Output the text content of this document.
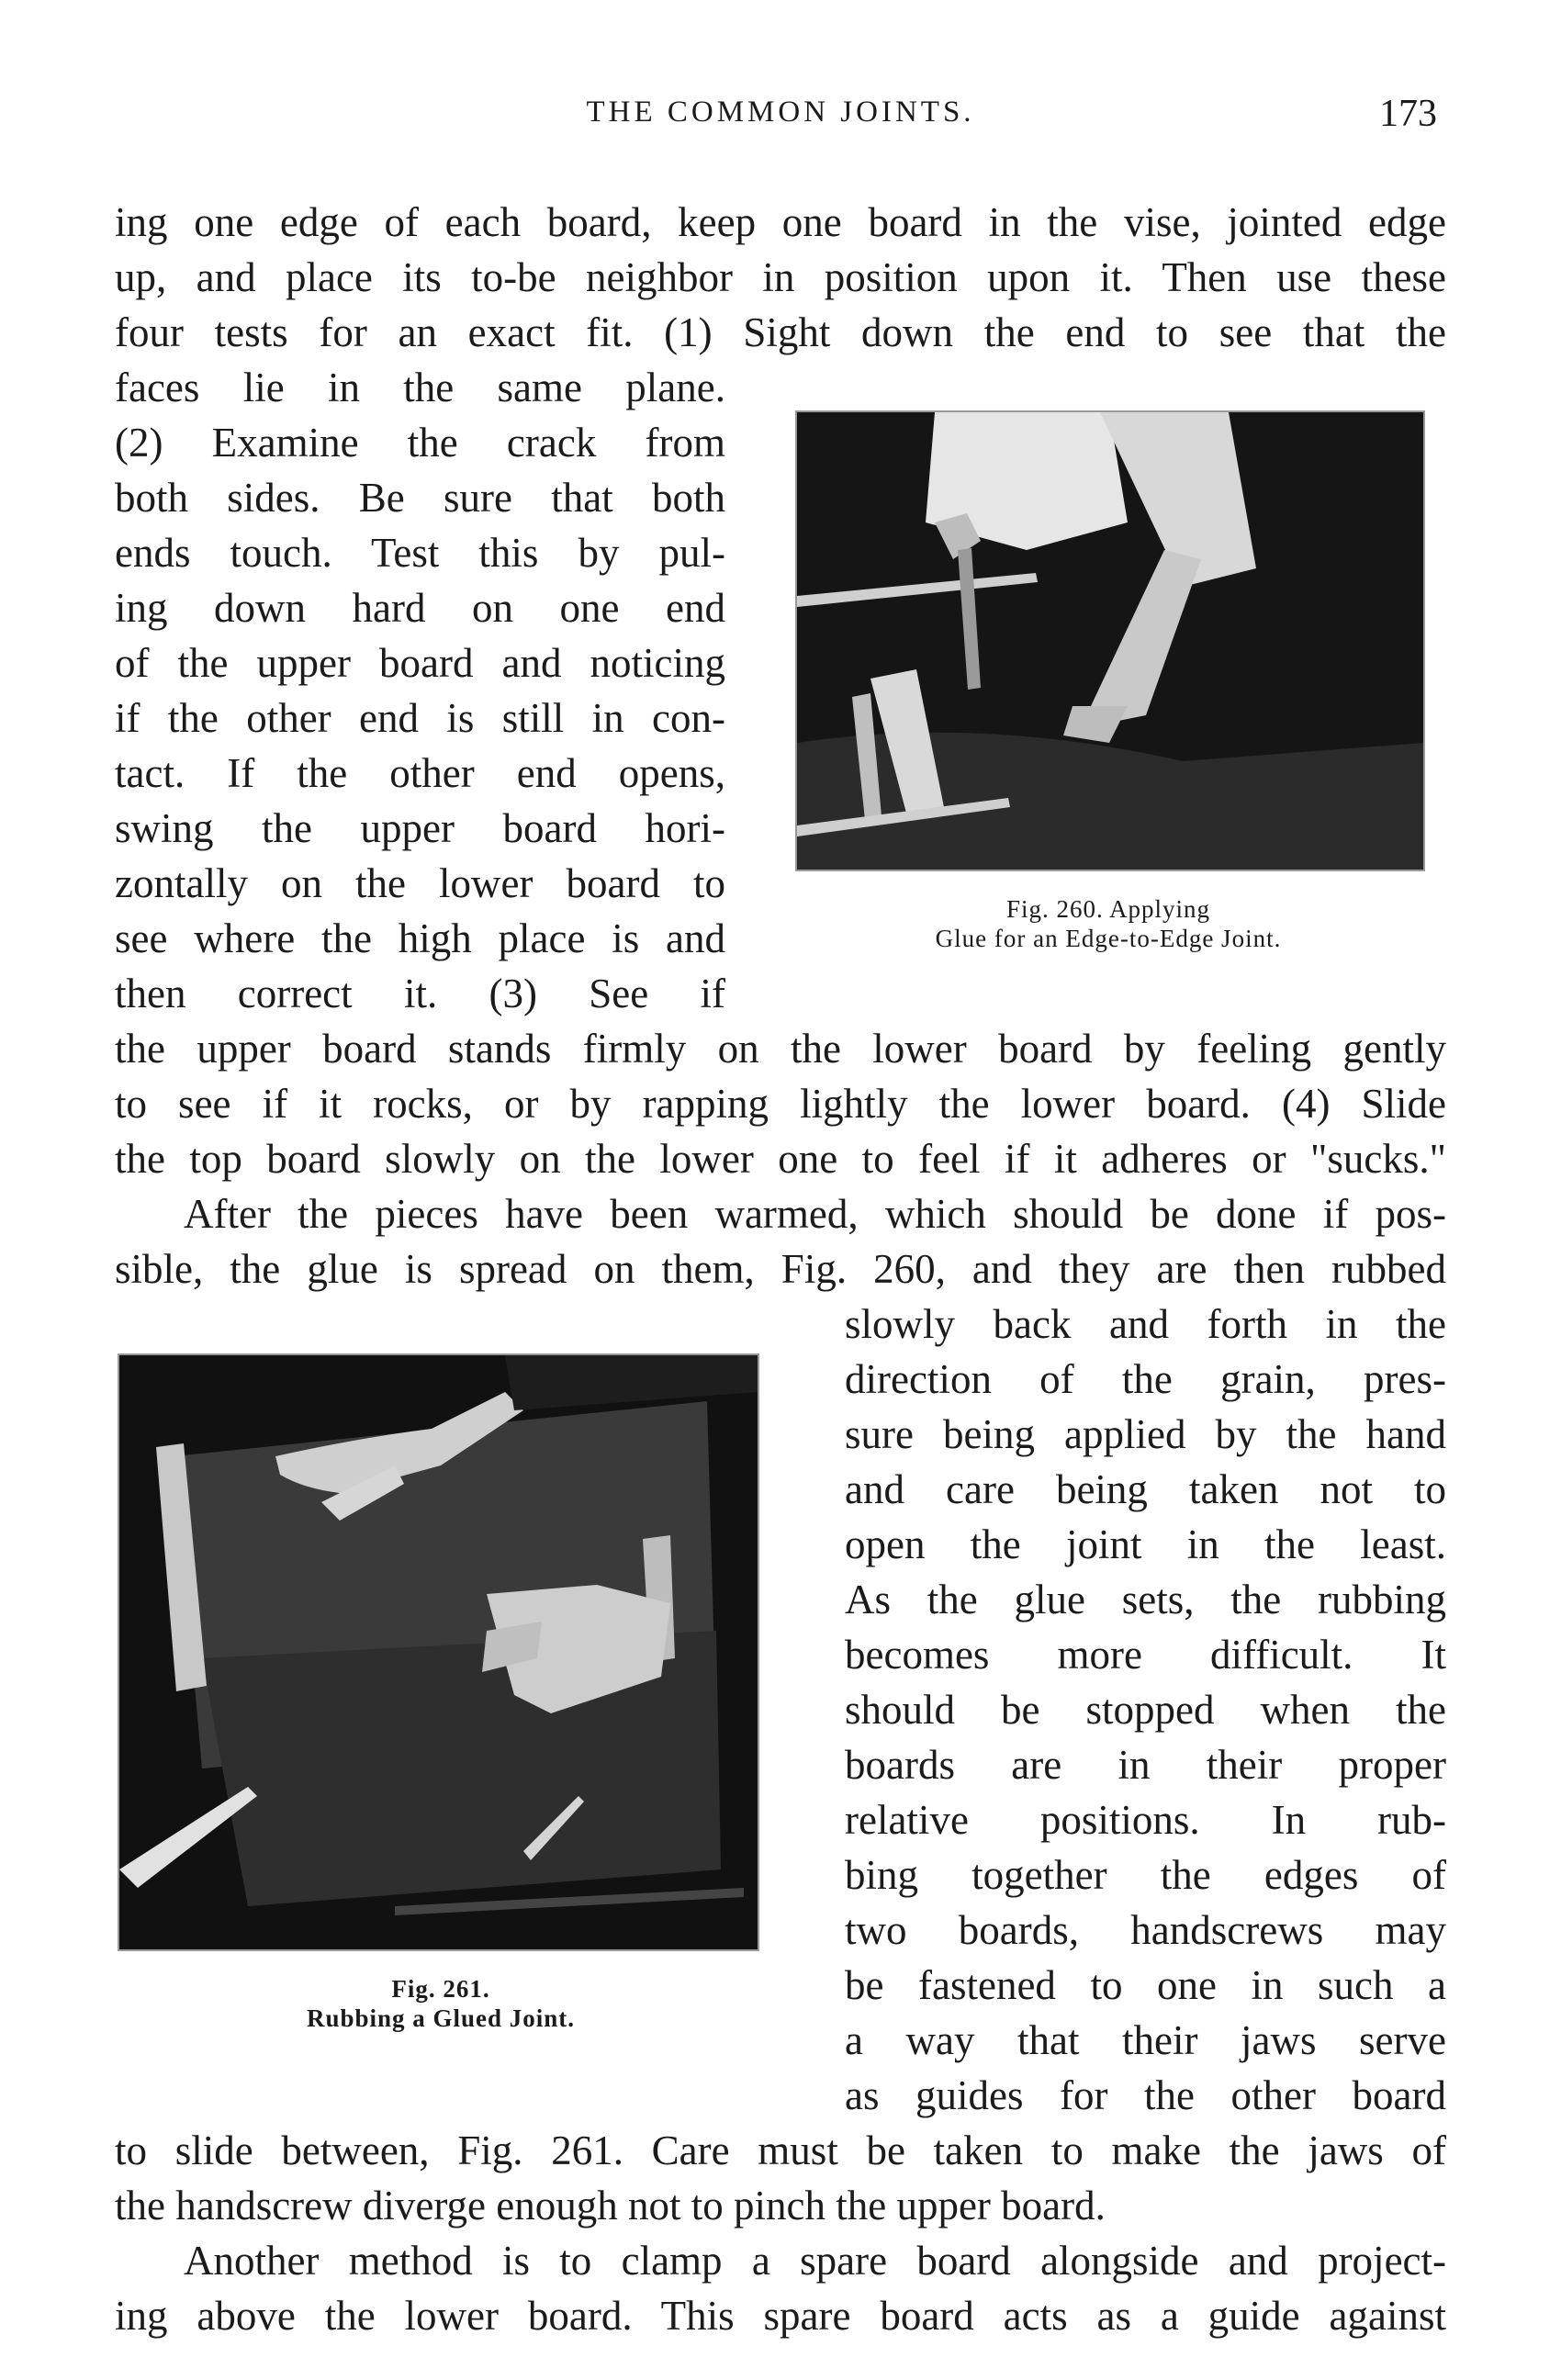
THE COMMON JOINTS.	173
ing one edge of each board, keep one board in the vise, jointed edge
up, and place its to-be neighbor in position upon it. Then use these
four tests for an exact fit. (1) Sight down the end to see that the
faces lie in the same plane.
(2) Examine the crack from
both sides. Be sure that both
ends touch. Test this by pul-
ing down hard on one end
of the upper board and noticing
if the other end is still in con-
tact. If the other end opens,
swing the upper board hori-
zontally on the lower board to
see where the high place is and
then correct it. (3) See if
the upper board stands firmly on the lower board by feeling gently
to see if it rocks, or by rapping lightly the lower board. (4) Slide
the top board slowly on the lower one to feel if it adheres or "sucks."
After the pieces have been warmed, which should be done if pos-
sible, the glue is spread on them, Fig. 260, and they are then rubbed
slowly back and forth in the
direction of the grain, pres-
sure being applied by the hand
and care being taken not to
open the joint in the least.
As the glue sets, the rubbing
becomes more difficult. It
should be stopped when the
boards are in their proper
relative positions. In rub-
bing together the edges of
two boards, handscrews may
be fastened to one in such a
a way that their jaws serve
as guides for the other board
to slide between, Fig. 261. Care must be taken to make the jaws of
the handscrew diverge enough not to pinch the upper board.
Another method is to clamp a spare board alongside and project-
ing above the lower board. This spare board acts as a guide against
Fig. 260. Applying
Glue for an Edge-to-Edge Joint.
Fig. 261.
Rubbing a Glued Joint.
